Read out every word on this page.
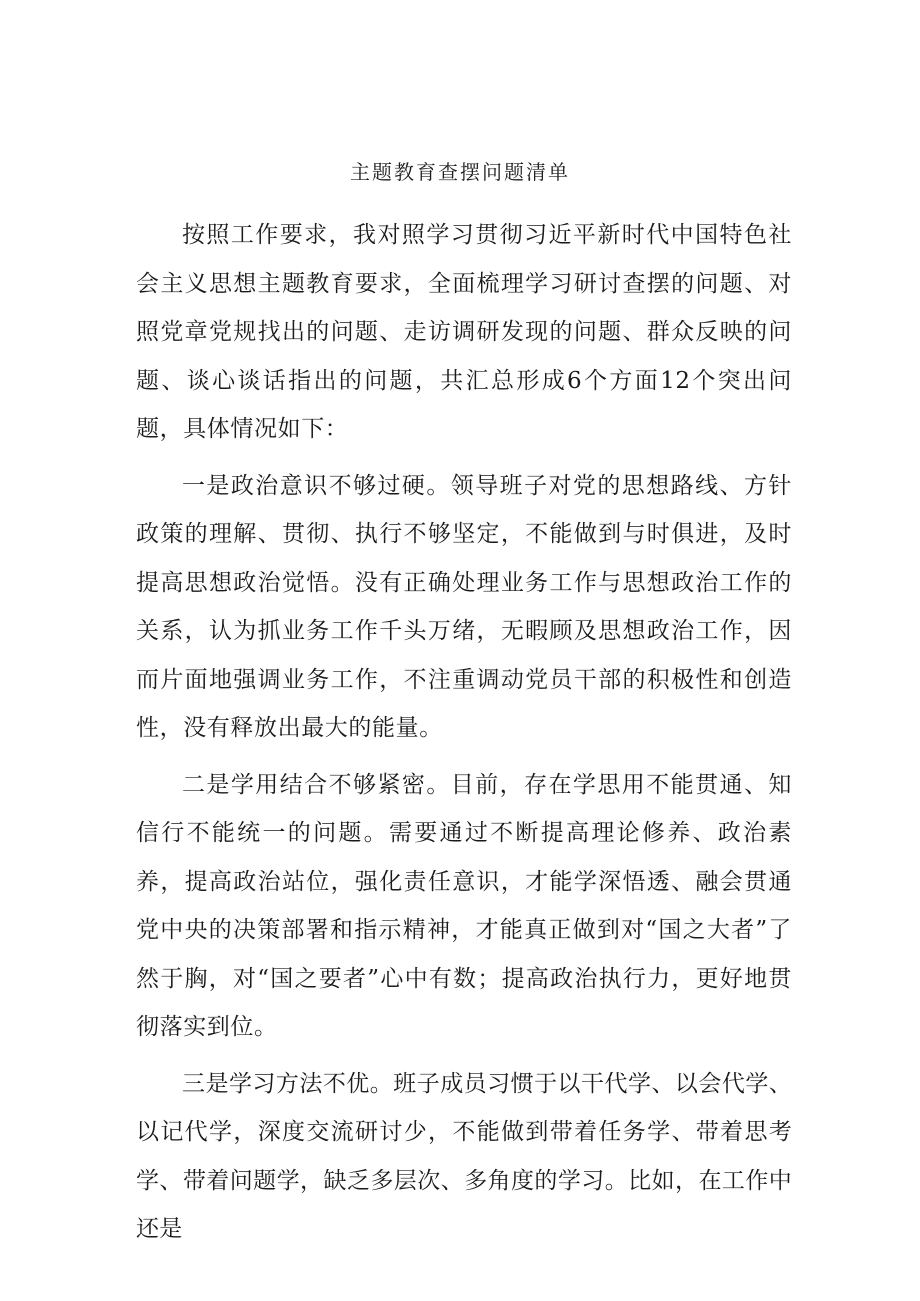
主题教育查摆问题清单

按照工作要求，我对照学习贯彻习近平新时代中国特色社会主义思想主题教育要求，全面梳理学习研讨查摆的问题、对照党章党规找出的问题、走访调研发现的问题、群众反映的问题、谈心谈话指出的问题，共汇总形成6个方面12个突出问题，具体情况如下：

一是政治意识不够过硬。领导班子对党的思想路线、方针政策的理解、贯彻、执行不够坚定，不能做到与时俱进，及时提高思想政治觉悟。没有正确处理业务工作与思想政治工作的关系，认为抓业务工作千头万绪，无暇顾及思想政治工作，因而片面地强调业务工作，不注重调动党员干部的积极性和创造性，没有释放出最大的能量。

二是学用结合不够紧密。目前，存在学思用不能贯通、知信行不能统一的问题。需要通过不断提高理论修养、政治素养，提高政治站位，强化责任意识，才能学深悟透、融会贯通党中央的决策部署和指示精神，才能真正做到对“国之大者”了然于胸，对“国之要者”心中有数；提高政治执行力，更好地贯彻落实到位。

三是学习方法不优。班子成员习惯于以干代学、以会代学、以记代学，深度交流研讨少，不能做到带着任务学、带着思考学、带着问题学，缺乏多层次、多角度的学习。比如，在工作中还是
